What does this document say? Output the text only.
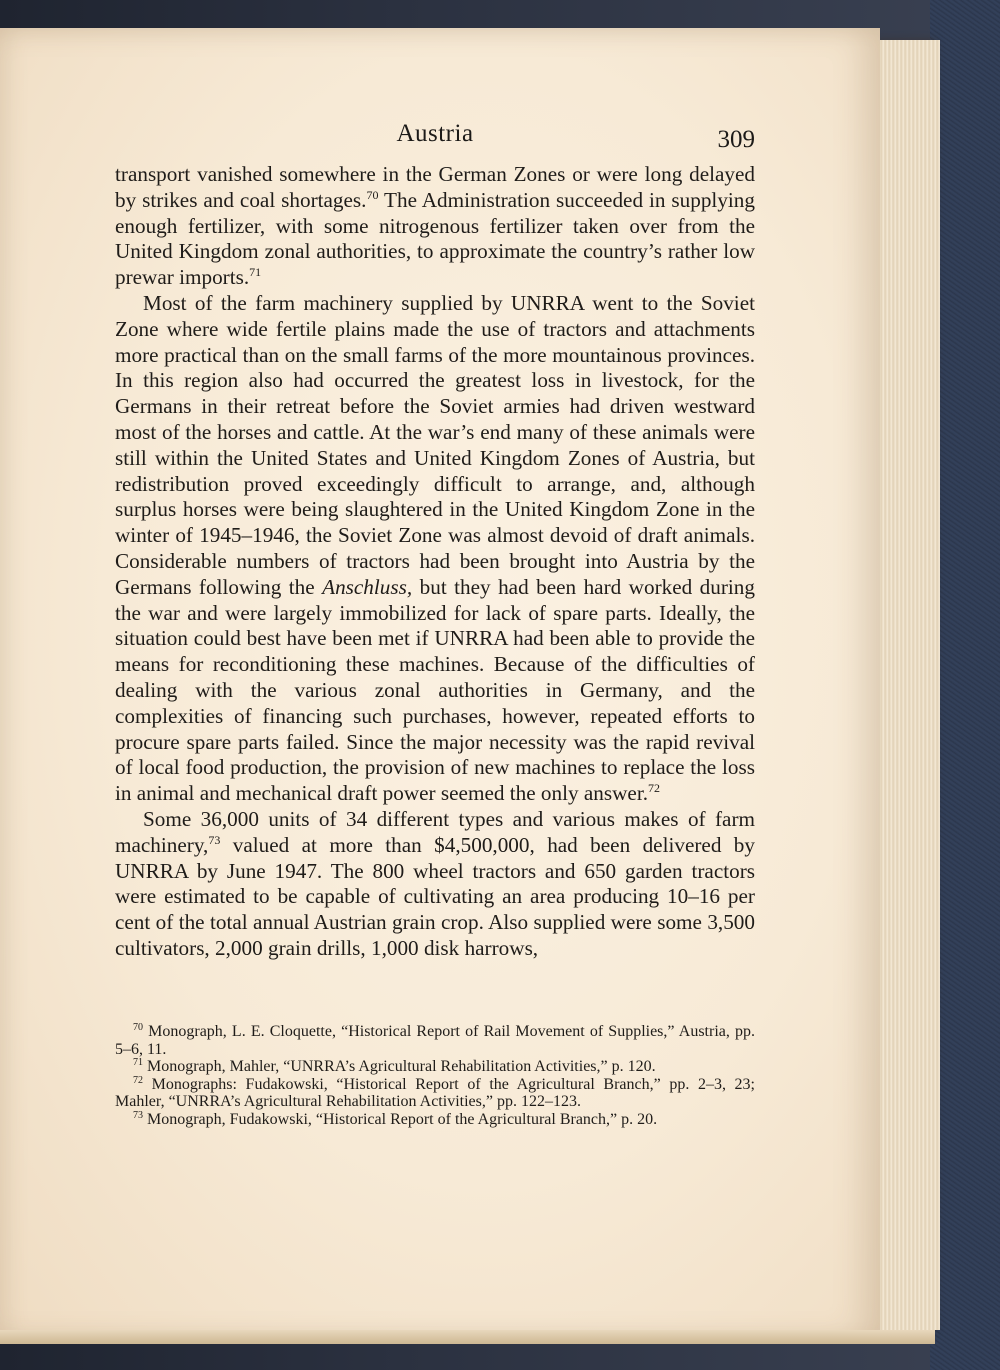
Austria	309

transport vanished somewhere in the German Zones or were long delayed by strikes and coal shortages.$^{70}$ The Administration succeeded in supplying enough fertilizer, with some nitrogenous fertilizer taken over from the United Kingdom zonal authorities, to approximate the country’s rather low prewar imports.$^{71}$

Most of the farm machinery supplied by UNRRA went to the Soviet Zone where wide fertile plains made the use of tractors and attachments more practical than on the small farms of the more mountainous provinces. In this region also had occurred the greatest loss in livestock, for the Germans in their retreat before the Soviet armies had driven westward most of the horses and cattle. At the war’s end many of these animals were still within the United States and United Kingdom Zones of Austria, but redistribution proved exceedingly difficult to arrange, and, although surplus horses were being slaughtered in the United Kingdom Zone in the winter of 1945–1946, the Soviet Zone was almost devoid of draft animals. Considerable numbers of tractors had been brought into Austria by the Germans following the Anschluss, but they had been hard worked during the war and were largely immobilized for lack of spare parts. Ideally, the situation could best have been met if UNRRA had been able to provide the means for reconditioning these machines. Because of the difficulties of dealing with the various zonal authorities in Germany, and the complexities of financing such purchases, however, repeated efforts to procure spare parts failed. Since the major necessity was the rapid revival of local food production, the provision of new machines to replace the loss in animal and mechanical draft power seemed the only answer.$^{72}$

Some 36,000 units of 34 different types and various makes of farm machinery,$^{73}$ valued at more than $4,500,000, had been delivered by UNRRA by June 1947. The 800 wheel tractors and 650 garden tractors were estimated to be capable of cultivating an area producing 10–16 per cent of the total annual Austrian grain crop. Also supplied were some 3,500 cultivators, 2,000 grain drills, 1,000 disk harrows,

$^{70}$ Monograph, L. E. Cloquette, “Historical Report of Rail Movement of Supplies,” Austria, pp. 5–6, 11.

$^{71}$ Monograph, Mahler, “UNRRA’s Agricultural Rehabilitation Activities,” p. 120.

$^{72}$ Monographs: Fudakowski, “Historical Report of the Agricultural Branch,” pp. 2–3, 23; Mahler, “UNRRA’s Agricultural Rehabilitation Activities,” pp. 122–123.

$^{73}$ Monograph, Fudakowski, “Historical Report of the Agricultural Branch,” p. 20.
